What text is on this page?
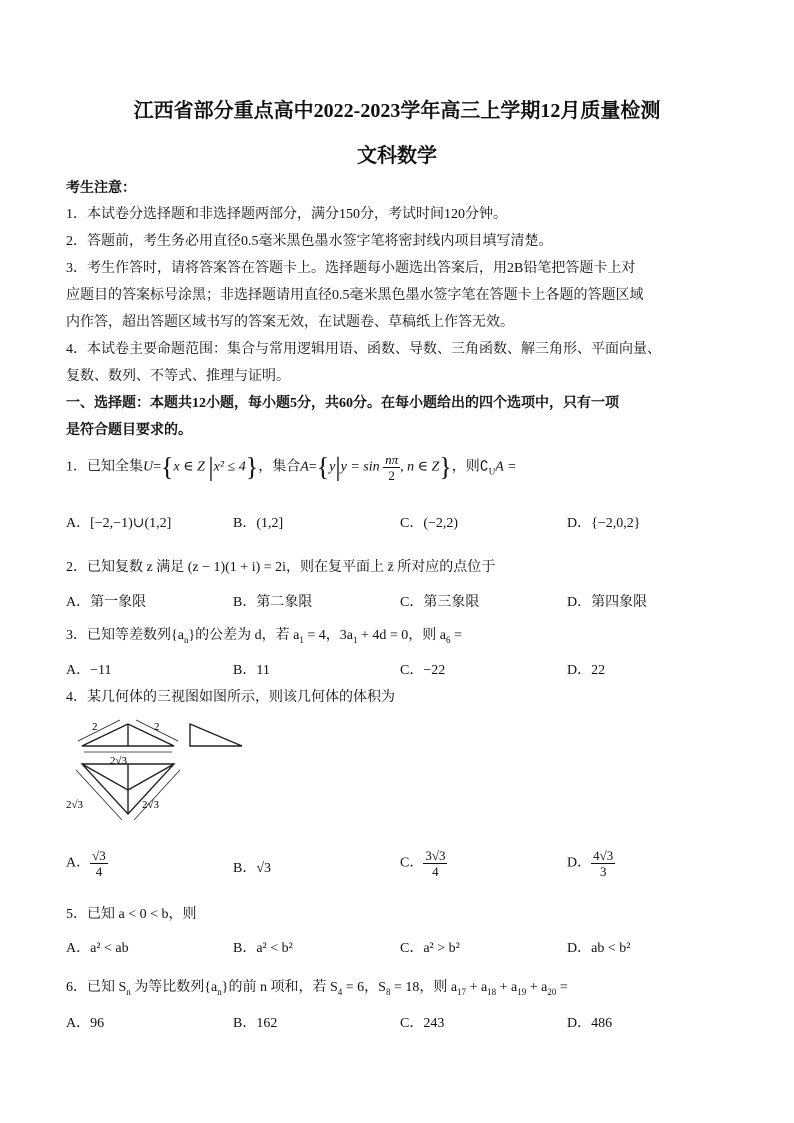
江西省部分重点高中2022-2023学年高三上学期12月质量检测
文科数学
考生注意：
1．本试卷分选择题和非选择题两部分，满分150分，考试时间120分钟。
2．答题前，考生务必用直径0.5毫米黑色墨水签字笔将密封线内项目填写清楚。
3．考生作答时，请将答案答在答题卡上。选择题每小题选出答案后，用2B铅笔把答题卡上对
应题目的答案标号涂黑；非选择题请用直径0.5毫米黑色墨水签字笔在答题卡上各题的答题区域
内作答，超出答题区域书写的答案无效，在试题卷、草稿纸上作答无效。
4．本试卷主要命题范围：集合与常用逻辑用语、函数、导数、三角函数、解三角形、平面向量、
复数、数列、不等式、推理与证明。
一、选择题：本题共12小题，每小题5分，共60分。在每小题给出的四个选项中，只有一项
是符合题目要求的。
1．已知全集U={x ∈ Z |x² ≤ 4}，集合$A=\{y|y = \sin \frac{n\pi}{2}$ , n ∈ Z}，则$∁_UA$ =
A．[−2,−1)∪(1,2]	B．(1,2]	C．(−2,2)	D．{−2,0,2}
2．已知复数 z 满足 (z − 1)(1 + i) = 2i，则在复平面上 z̄ 所对应的点位于
A．第一象限	B．第二象限	C．第三象限	D．第四象限
3．已知等差数列$\{a_n\}$的公差为 d，若 $a_1 = 4$，$3a_1 + 4d = 0$，则 $a_6$ =
A．−11	B．11	C．−22	D．22
4．某几何体的三视图如图所示，则该几何体的体积为
2	2
2√3
2√3	2√3
A． $\frac{√3}{4}$	B．√3	C． $\frac{3√3}{4}$	D． $\frac{4√3}{3}$
5．已知 a < 0 < b，则
A．a² < ab	B．a² < b²	C．a² > b²	D．ab < b²
6．已知 $S_n$ 为等比数列$\{a_n\}$的前 n 项和，若 $S_4 = 6$，$S_8 = 18$，则 $a_{17} + a_{18} + a_{19} + a_{20}$ =
A．96	B．162	C．243	D．486
